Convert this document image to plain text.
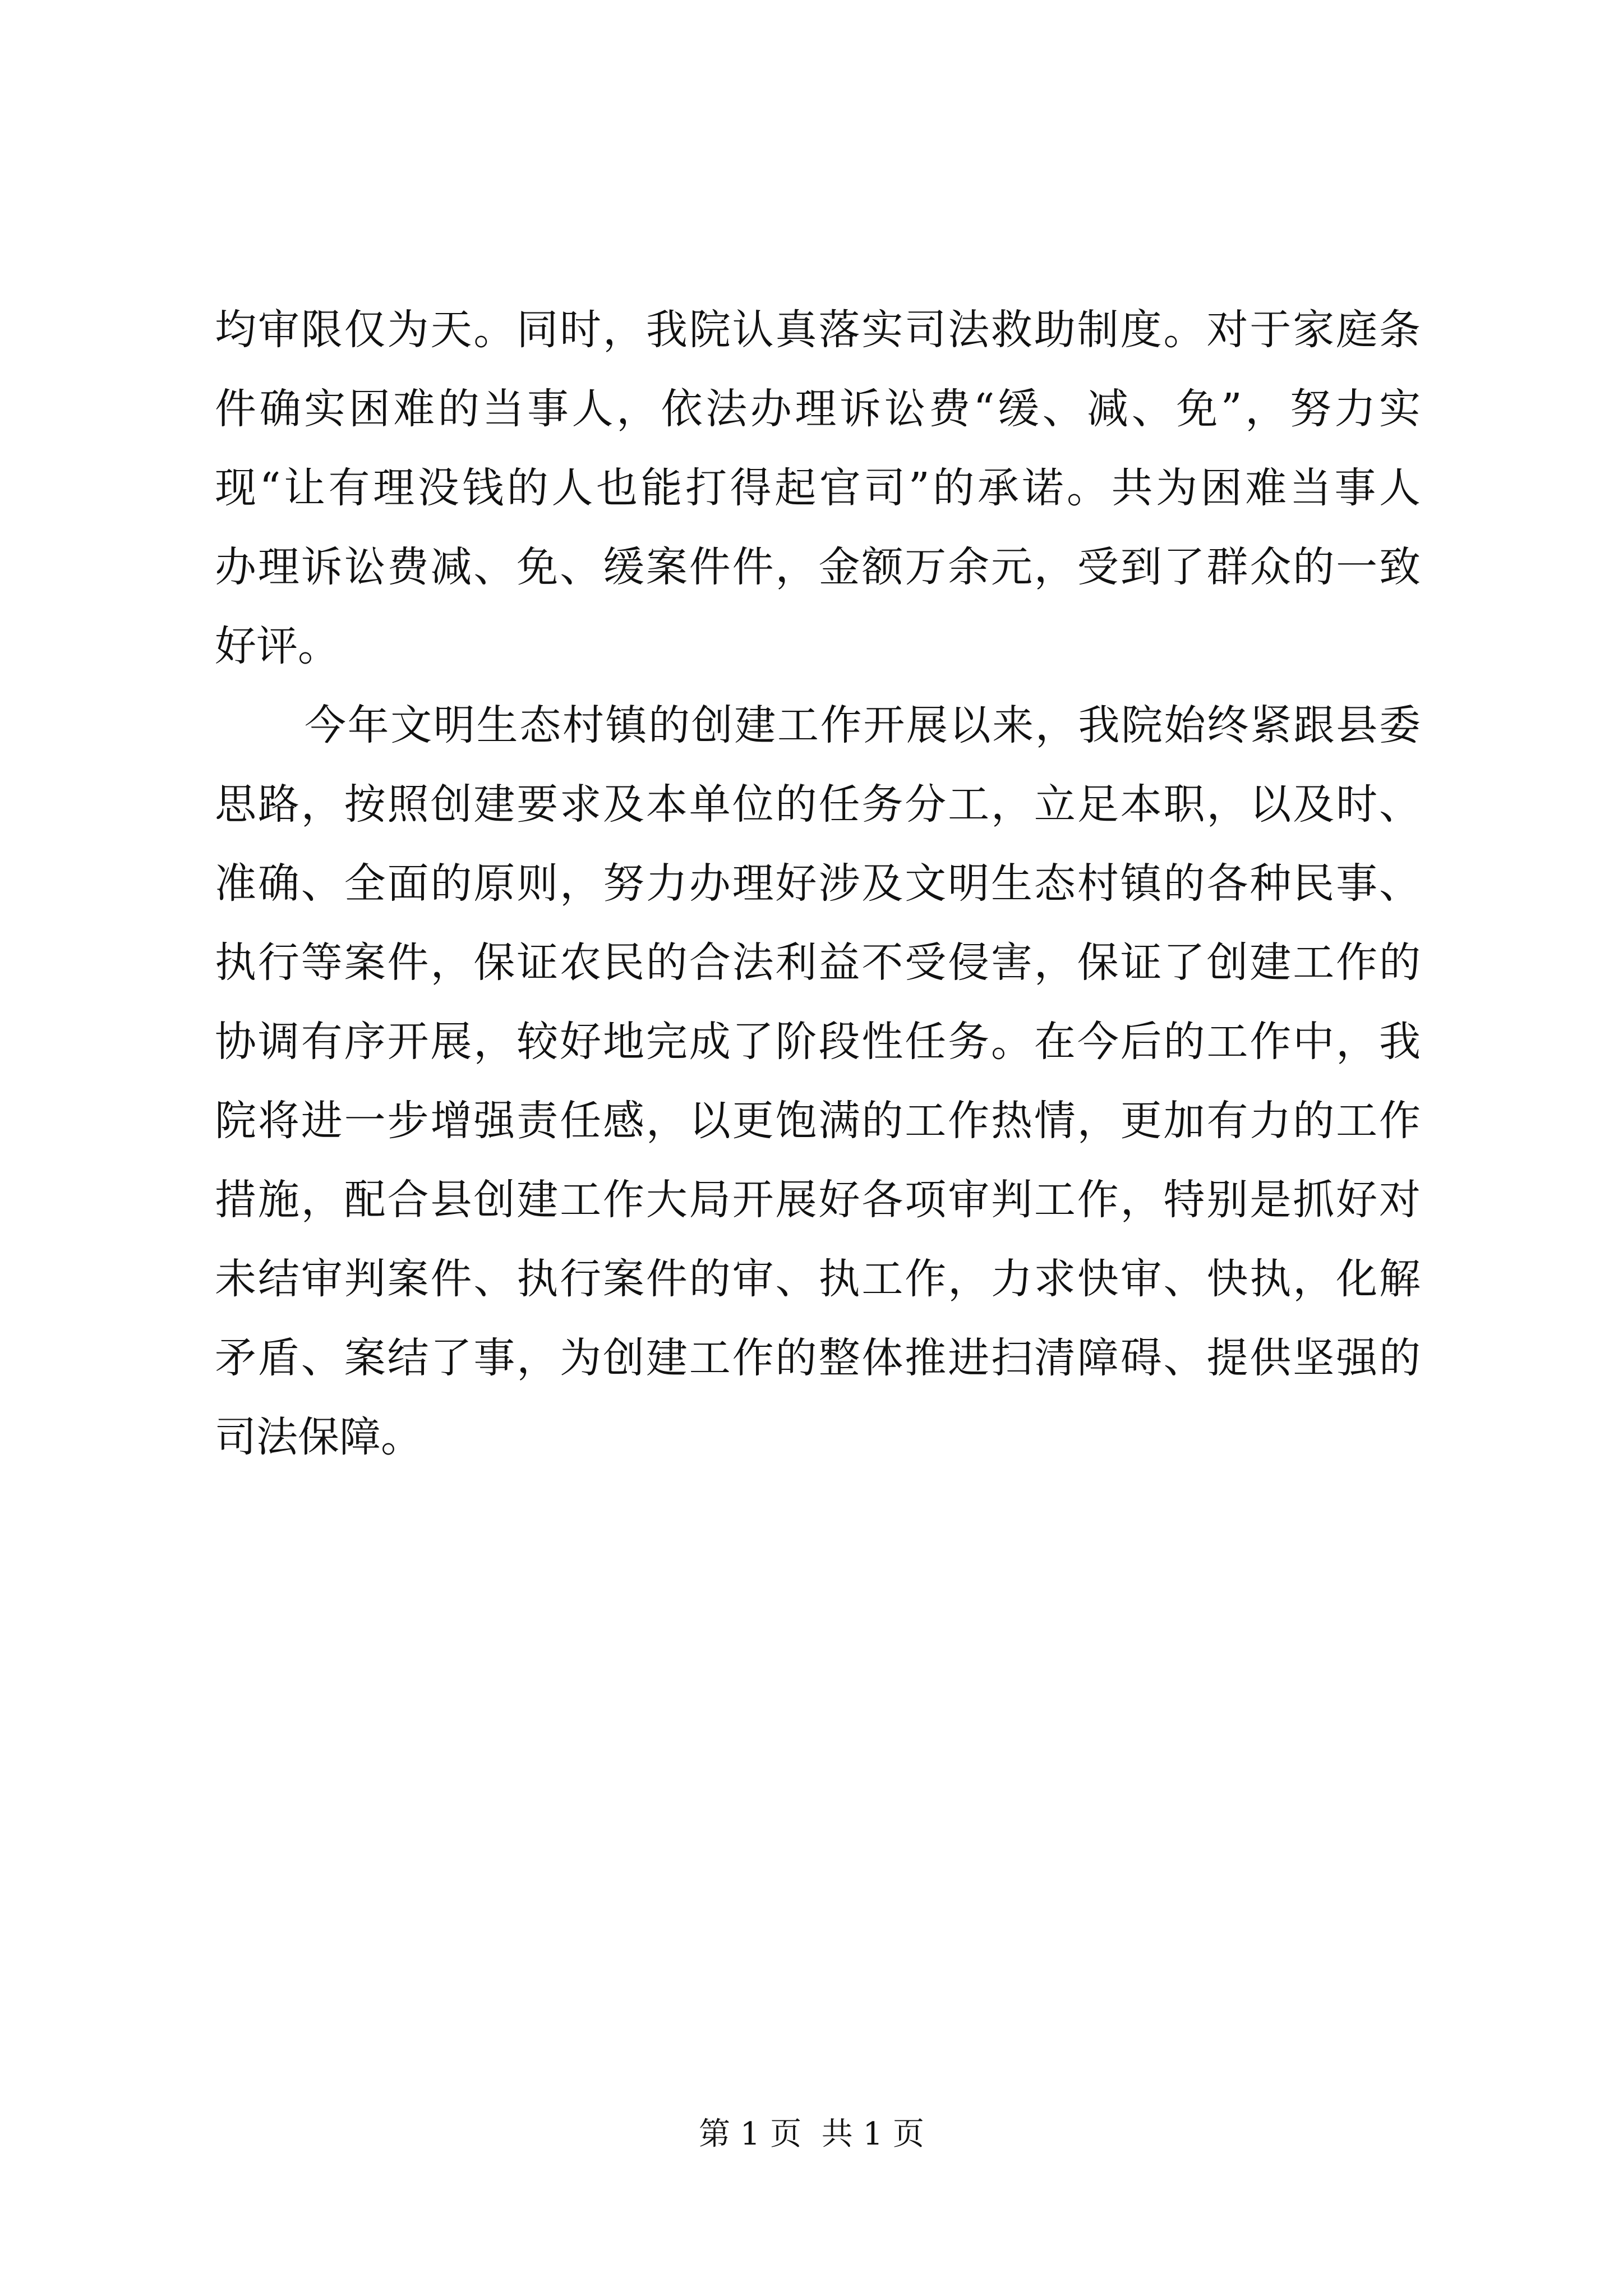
均审限仅为天。同时，我院认真落实司法救助制度。对于家庭条
件确实困难的当事人，依法办理诉讼费“缓、减、免”，努力实
现“让有理没钱的人也能打得起官司”的承诺。共为困难当事人
办理诉讼费减、免、缓案件件，金额万余元，受到了群众的一致
好评。
今年文明生态村镇的创建工作开展以来，我院始终紧跟县委
思路，按照创建要求及本单位的任务分工，立足本职，以及时、
准确、全面的原则，努力办理好涉及文明生态村镇的各种民事、
执行等案件，保证农民的合法利益不受侵害，保证了创建工作的
协调有序开展，较好地完成了阶段性任务。在今后的工作中，我
院将进一步增强责任感，以更饱满的工作热情，更加有力的工作
措施，配合县创建工作大局开展好各项审判工作，特别是抓好对
未结审判案件、执行案件的审、执工作，力求快审、快执，化解
矛盾、案结了事，为创建工作的整体推进扫清障碍、提供坚强的
司法保障。
第 1 页  共 1 页
